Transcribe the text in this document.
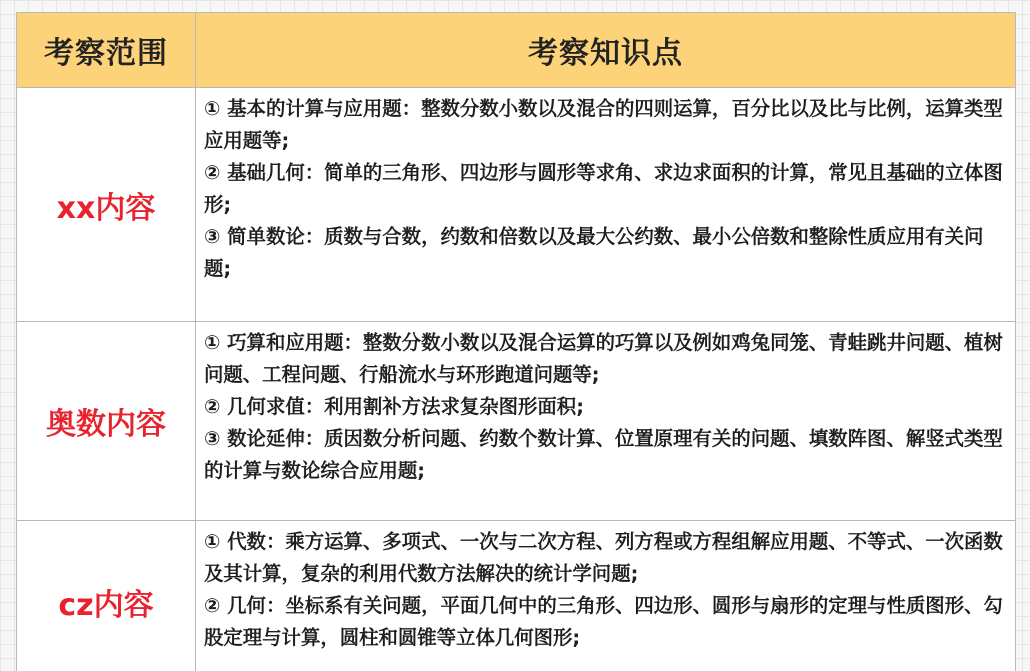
考察范围	考察知识点
xx内容	① 基本的计算与应用题：整数分数小数以及混合的四则运算，百分比以及比与比例，运算类型应用题等;

② 基础几何：简单的三角形、四边形与圆形等求角、求边求面积的计算，常见且基础的立体图形;

③ 简单数论：质数与合数，约数和倍数以及最大公约数、最小公倍数和整除性质应用有关问题;

奥数内容	① 巧算和应用题：整数分数小数以及混合运算的巧算以及例如鸡兔同笼、青蛙跳井问题、植树问题、工程问题、行船流水与环形跑道问题等;

② 几何求值：利用割补方法求复杂图形面积;

③ 数论延伸：质因数分析问题、约数个数计算、位置原理有关的问题、填数阵图、解竖式类型的计算与数论综合应用题;

cz内容	① 代数：乘方运算、多项式、一次与二次方程、列方程或方程组解应用题、不等式、一次函数及其计算，复杂的利用代数方法解决的统计学问题;

② 几何：坐标系有关问题，平面几何中的三角形、四边形、圆形与扇形的定理与性质图形、勾股定理与计算，圆柱和圆锥等立体几何图形;
